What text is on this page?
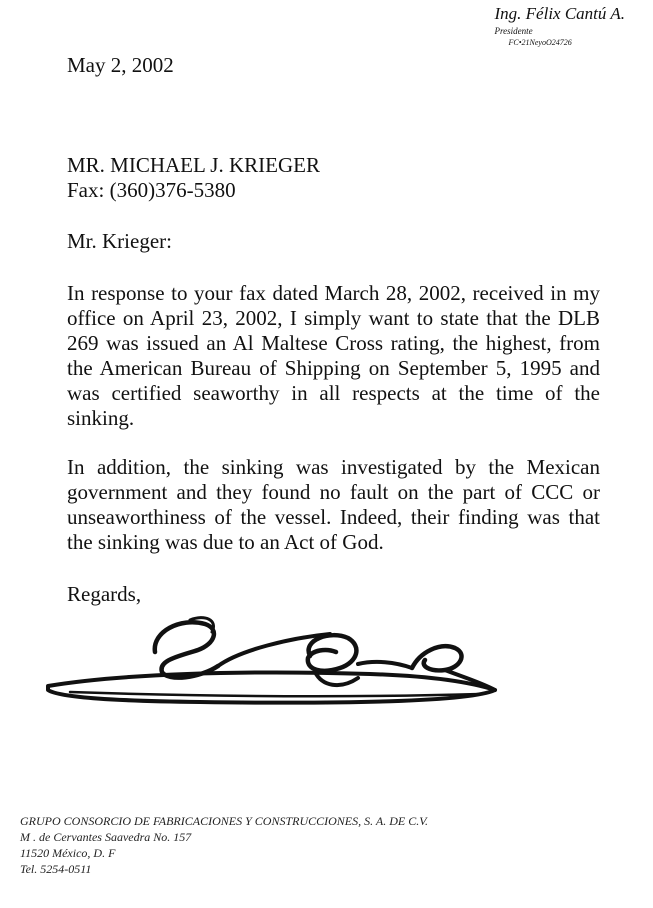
Ing. Félix Cantú A.
Presidente
FC•21NeyoO24726
May 2, 2002
MR. MICHAEL J. KRIEGER
Fax: (360)376-5380
Mr. Krieger:
In response to your fax dated March 28, 2002, received in my office on April 23, 2002, I simply want to state that the DLB 269 was issued an Al Maltese Cross rating, the highest, from the American Bureau of Shipping on September 5, 1995 and was certified seaworthy in all respects at the time of the sinking.
In addition, the sinking was investigated by the Mexican government and they found no fault on the part of CCC or unseaworthiness of the vessel. Indeed, their finding was that the sinking was due to an Act of God.
Regards,
GRUPO CONSORCIO DE FABRICACIONES Y CONSTRUCCIONES, S. A. DE C.V.
M . de Cervantes Saavedra No. 157
11520 México, D. F
Tel. 5254-0511
